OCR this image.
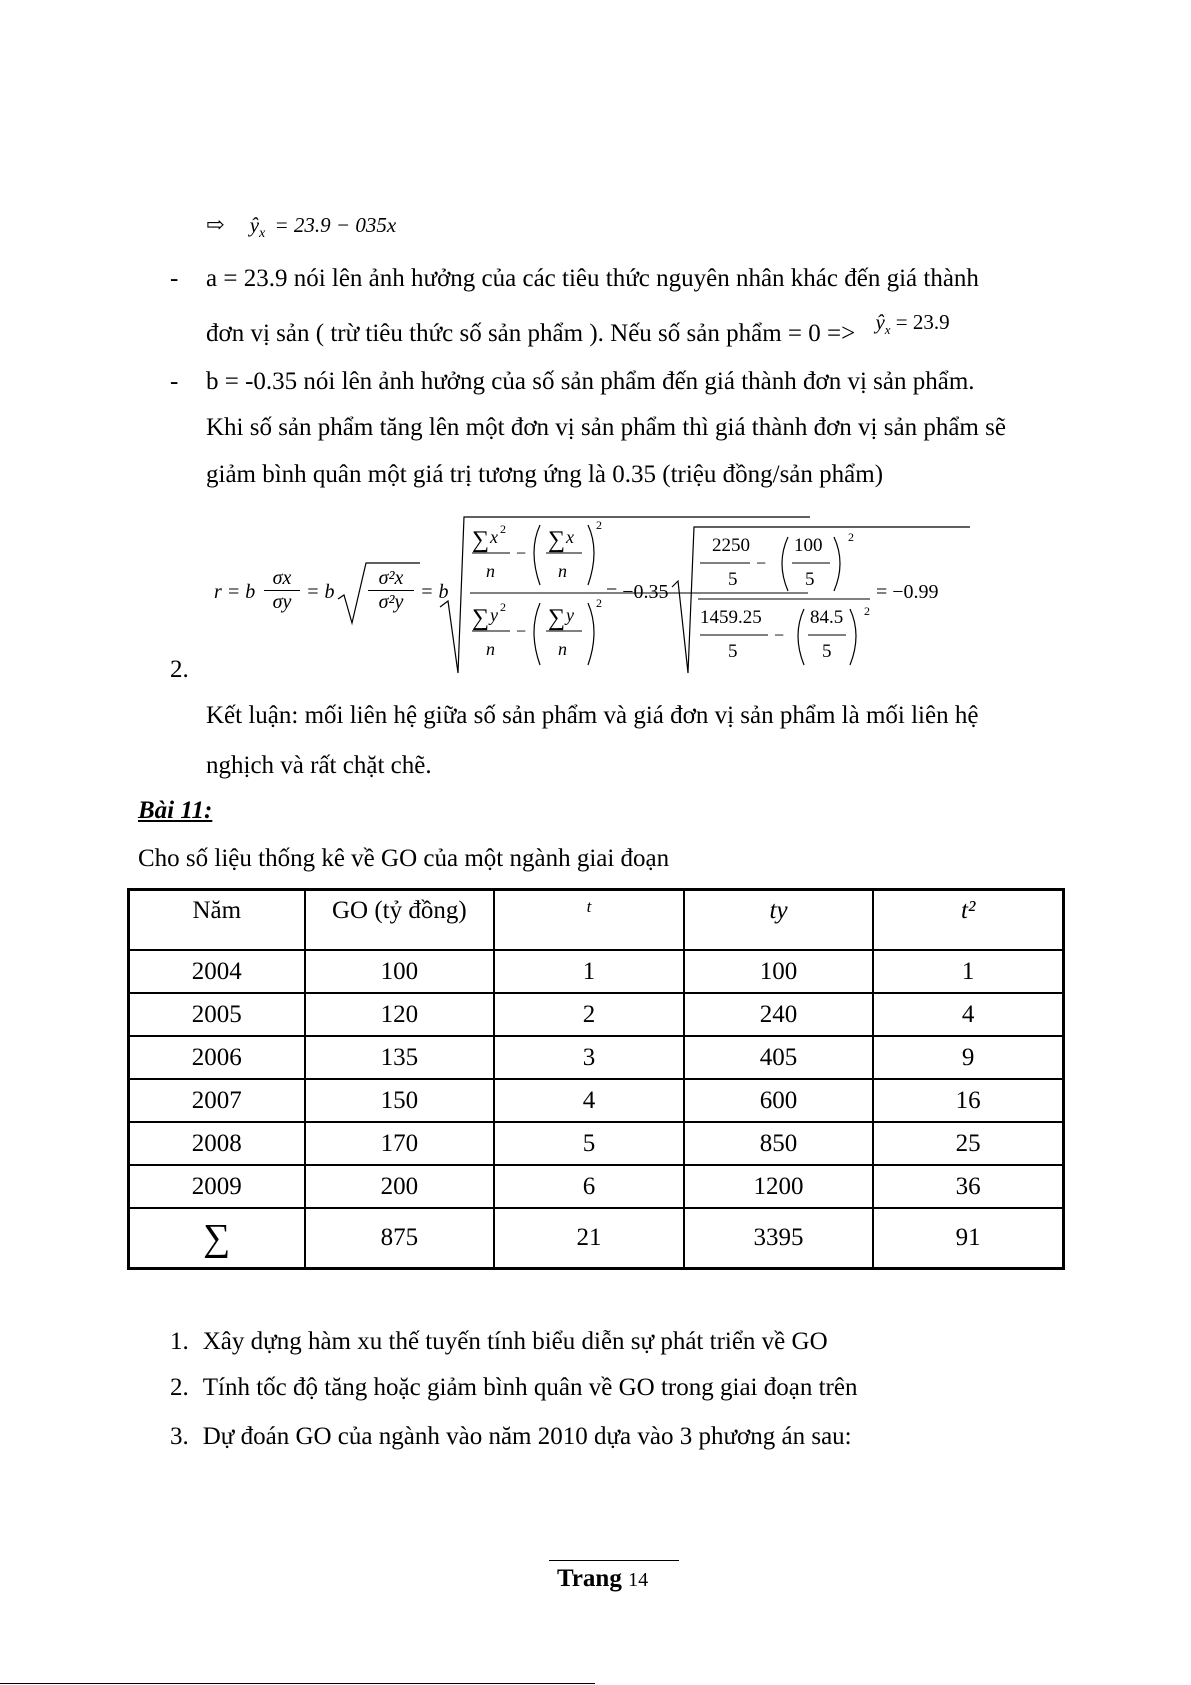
⇨ $ŷ_x = 23.9 - 035x$
- a = 23.9 nói lên ảnh hưởng của các tiêu thức nguyên nhân khác đến giá thành
đơn vị sản ( trừ tiêu thức số sản phẩm ). Nếu số sản phẩm = 0 => $^{ŷ_x = 23.9}$
- b = -0.35 nói lên ảnh hưởng của số sản phẩm đến giá thành đơn vị sản phẩm.
Khi số sản phẩm tăng lên một đơn vị sản phẩm thì giá thành đơn vị sản phẩm sẽ
giảm bình quân một giá trị tương ứng là 0.35 (triệu đồng/sản phẩm)
2.
r = b
σx
σy = b
σ²x
σ²y = b
∑ x 2
n
− ∑ x
n
2
∑ y 2
n
− ∑ y
n
2 = −0.35
−
−
2
2
2250
5
100
5
1459.25
5
84.5
5
= −0.99
Kết luận: mối liên hệ giữa số sản phẩm và giá đơn vị sản phẩm là mối liên hệ
nghịch và rất chặt chẽ.
Bài 11:
Cho số liệu thống kê về GO của một ngành giai đoạn
Năm	GO (tỷ đồng)	t	ty	t²
2004	100	1	100	1
2005	120	2	240	4
2006	135	3	405	9
2007	150	4	600	16
2008	170	5	850	25
2009	200	6	1200	36
∑	875	21	3395	91
1. Xây dựng hàm xu thế tuyến tính biểu diễn sự phát triển về GO
2. Tính tốc độ tăng hoặc giảm bình quân về GO trong giai đoạn trên
3. Dự đoán GO của ngành vào năm 2010 dựa vào 3 phương án sau:
Trang 14
